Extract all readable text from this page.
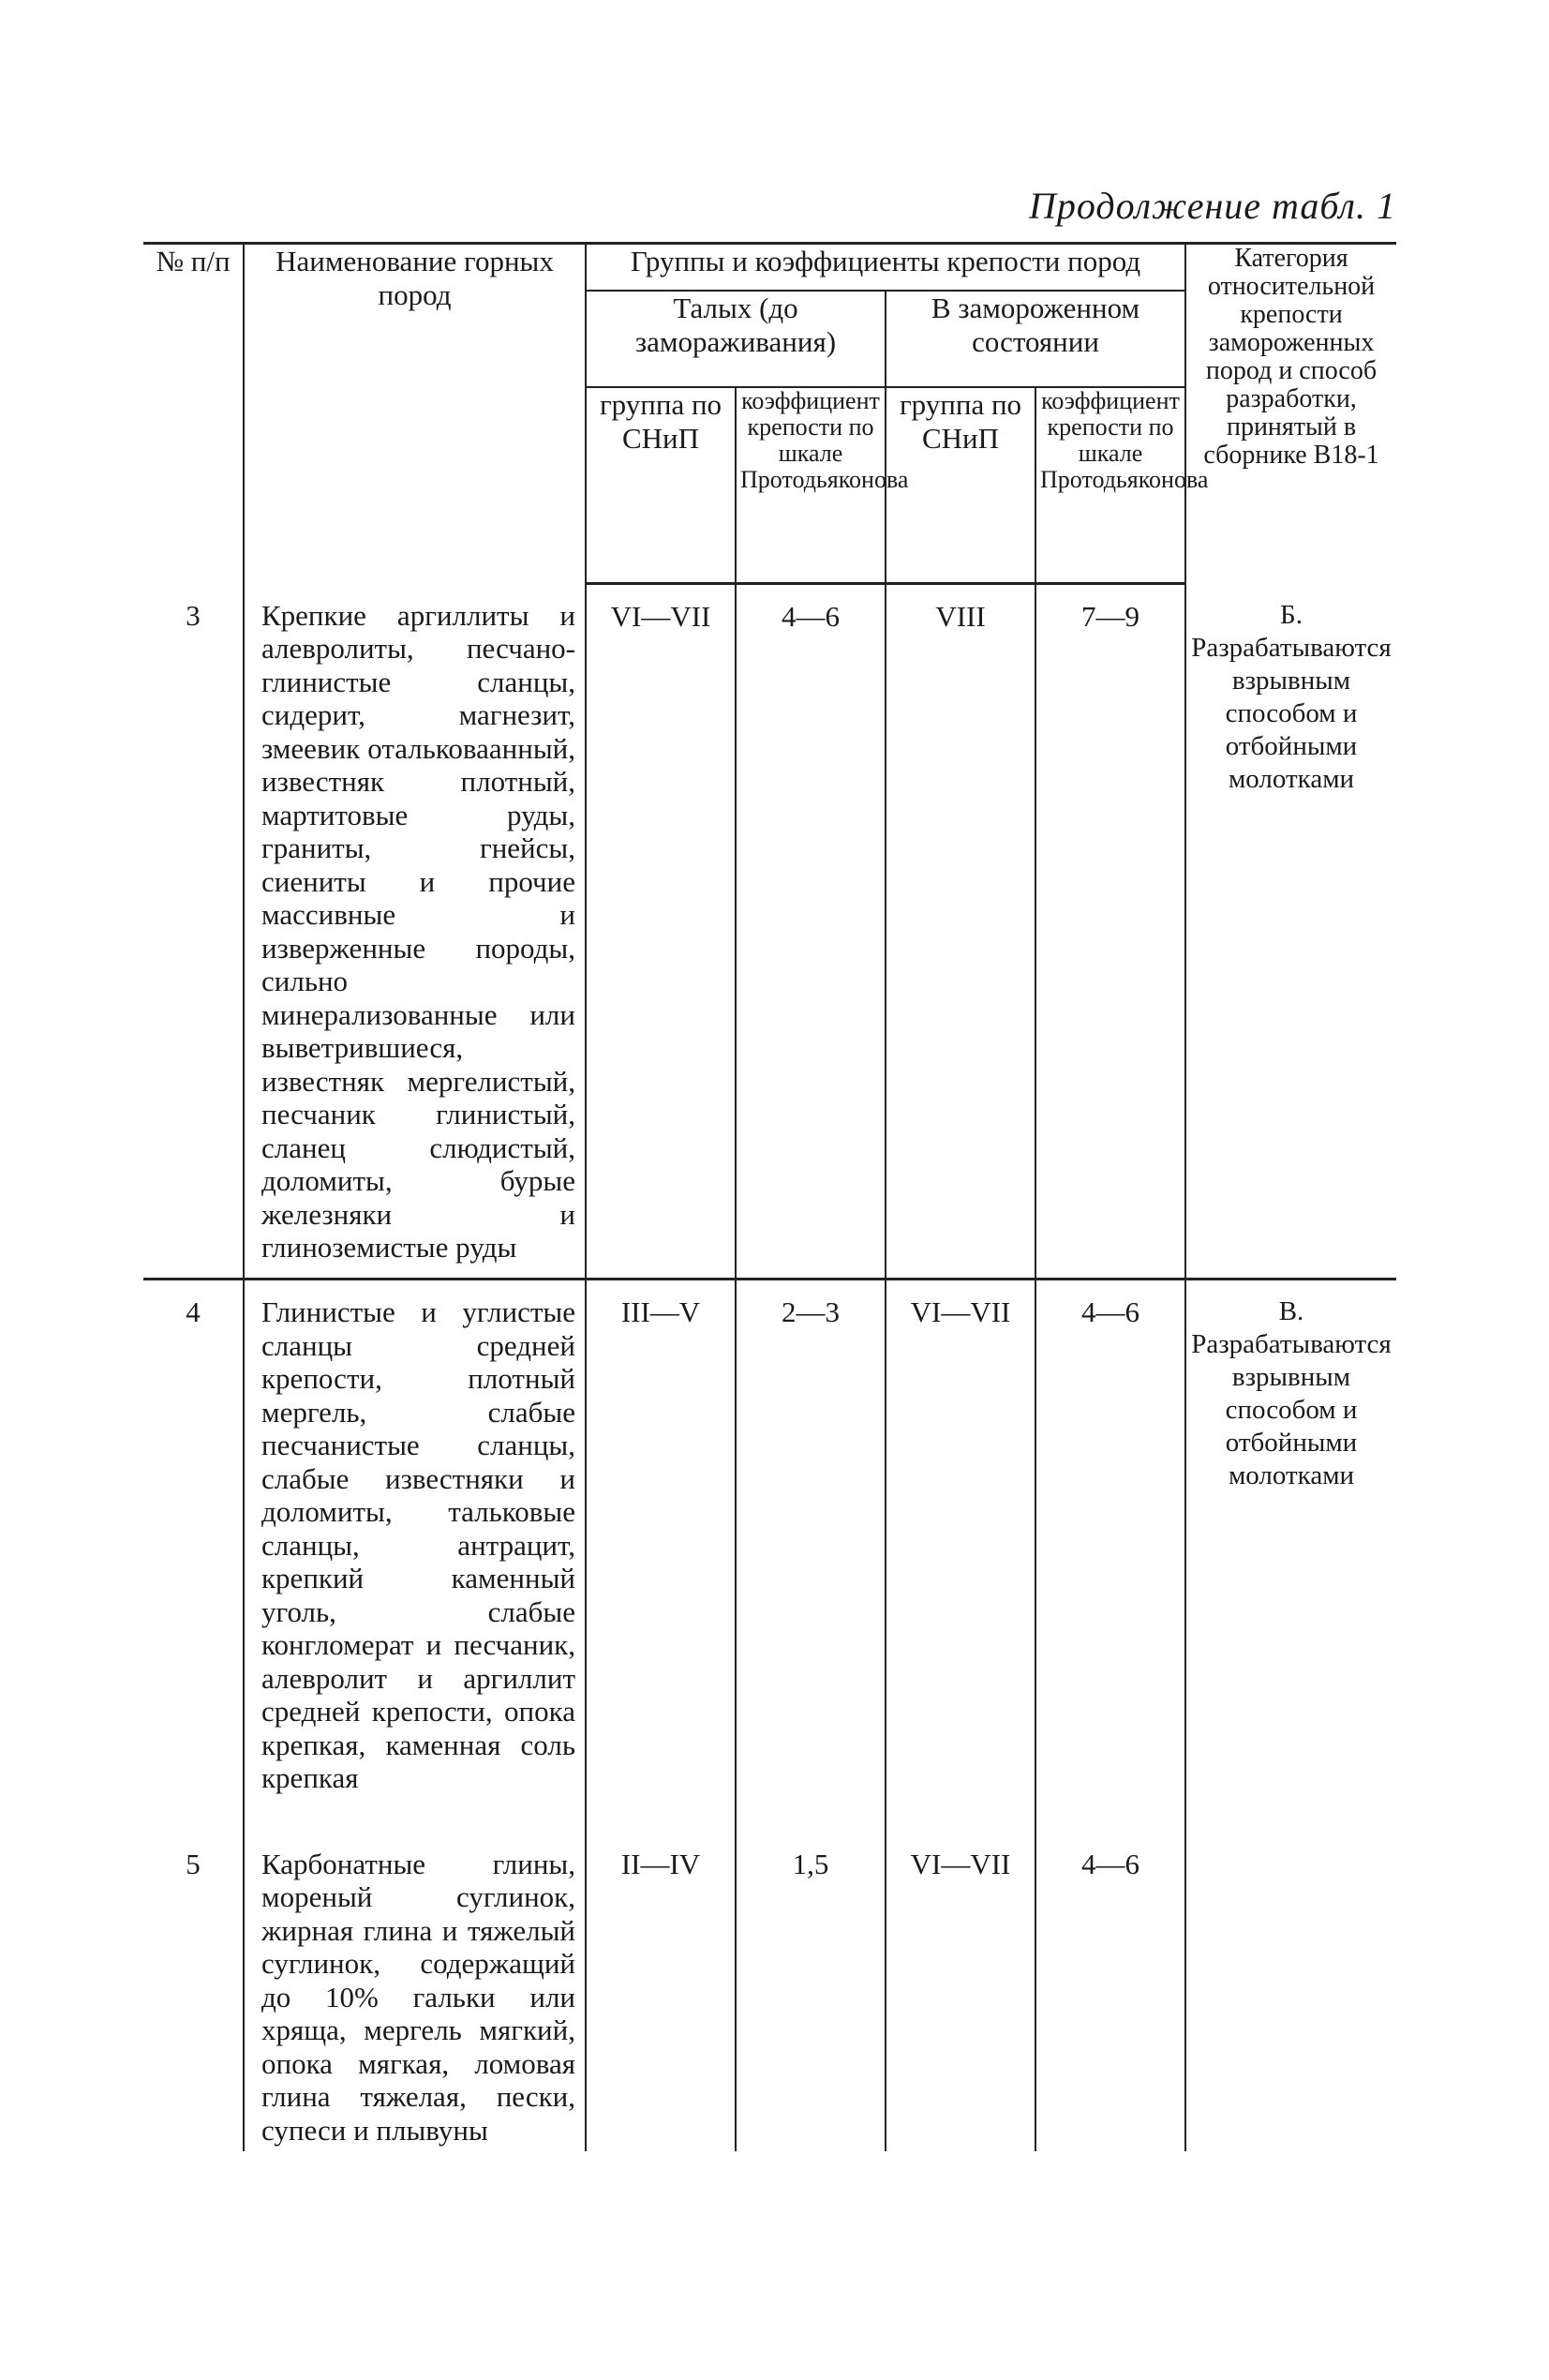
Продолжение табл. 1
№ п/п	Наименование горных пород	Группы и коэффициенты крепости пород				Категория относительной крепости замороженных пород и способ разработки, принятый в сборнике В18-1
		Талых (до замораживания)		В замороженном состоянии		
		группа по СНиП	коэффициент крепости по шкале Протодьяконова	группа по СНиП	коэффициент крепости по шкале Протодьяконова	
3	Крепкие аргиллиты и алевролиты, песчано-глинистые сланцы, сидерит, магнезит, змеевик отальковаанный, известняк плотный, мартитовые руды, граниты, гнейсы, сиениты и прочие массивные и изверженные породы, сильно минерализованные или выветрившиеся, известняк мергелистый, песчаник глинистый, сланец слюдистый, доломиты, бурые железняки и глиноземистые руды	VI—VII	4—6	VIII	7—9	Б. Разрабатываются взрывным способом и отбойными молотками
4	Глинистые и углистые сланцы средней крепости, плотный мергель, слабые песчанистые сланцы, слабые известняки и доломиты, тальковые сланцы, антрацит, крепкий каменный уголь, слабые конгломерат и песчаник, алевролит и аргиллит средней крепости, опока крепкая, каменная соль крепкая	III—V	2—3	VI—VII	4—6	В. Разрабатываются взрывным способом и отбойными молотками
5	Карбонатные глины, мореный суглинок, жирная глина и тяжелый суглинок, содержащий до 10% гальки или хряща, мергель мягкий, опока мягкая, ломовая глина тяжелая, пески, супеси и плывуны	II—IV	1,5	VI—VII	4—6	
